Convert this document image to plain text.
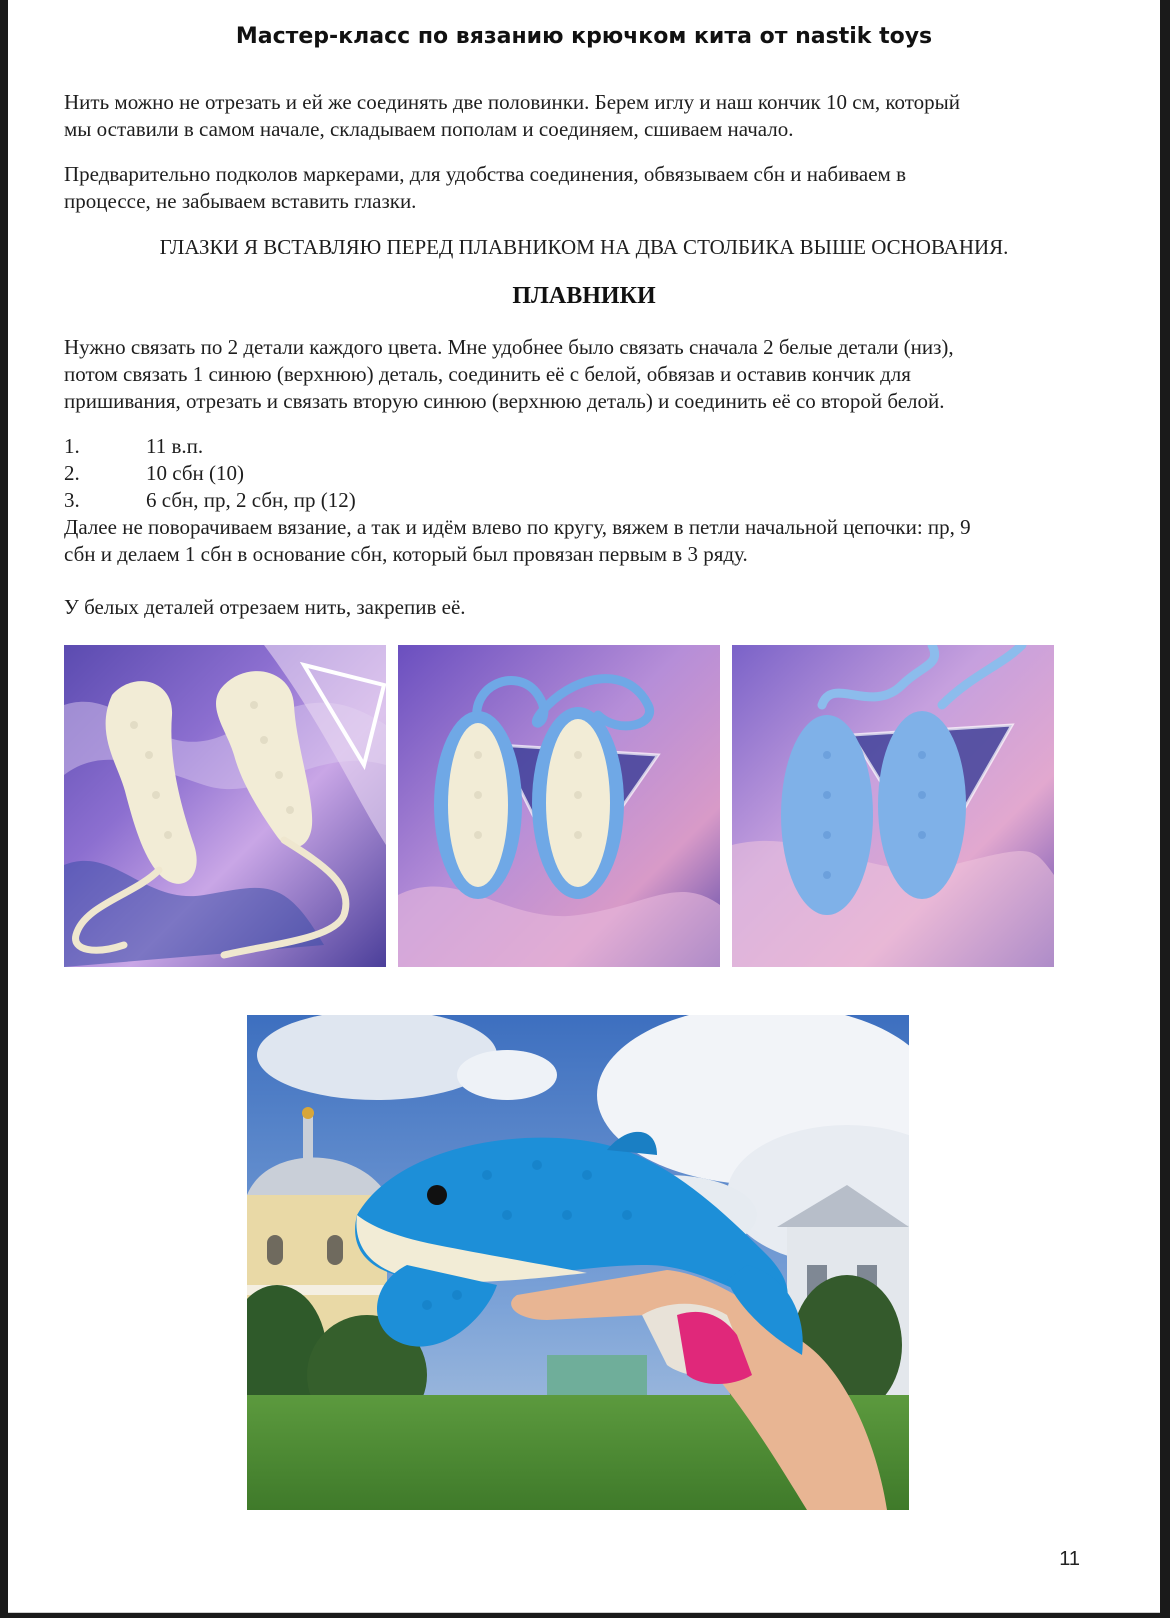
Мастер-класс по вязанию крючком кита от nastik toys

Нить можно не отрезать и ей же соединять две половинки. Берем иглу и наш кончик 10 см, который
мы оставили в самом начале, складываем пополам и соединяем, сшиваем начало.

Предварительно подколов маркерами, для удобства соединения, обвязываем сбн и набиваем в
процессе, не забываем вставить глазки.

ГЛАЗКИ Я ВСТАВЛЯЮ ПЕРЕД ПЛАВНИКОМ НА ДВА СТОЛБИКА ВЫШЕ ОСНОВАНИЯ.
ПЛАВНИКИ

Нужно связать по 2 детали каждого цвета. Мне удобнее было связать сначала 2 белые детали (низ),
потом связать 1 синюю (верхнюю) деталь, соединить её с белой, обвязав и оставив кончик для
пришивания, отрезать и связать вторую синюю (верхнюю деталь) и соединить её со второй белой.

1.	11 в.п.
2.	10 сбн (10)
3.	6 сбн, пр, 2 сбн, пр (12)

Далее не поворачиваем вязание, а так и идём влево по кругу, вяжем в петли начальной цепочки: пр, 9
сбн и делаем 1 сбн в основание сбн, который был провязан первым в 3 ряду.

У белых деталей отрезаем нить, закрепив её.

11
